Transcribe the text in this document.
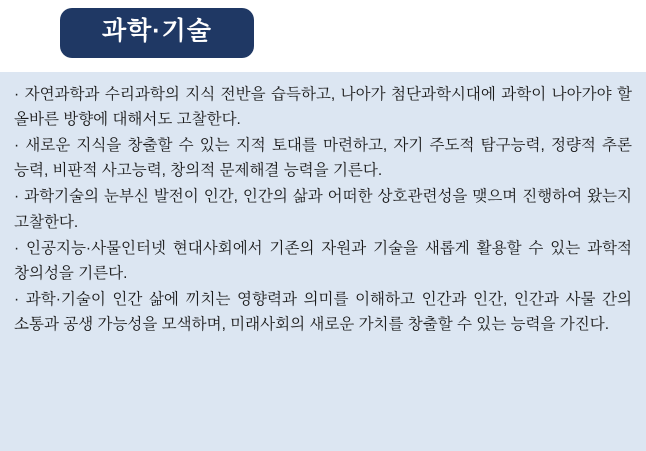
과학·기술

· 자연과학과 수리과학의 지식 전반을 습득하고, 나아가 첨단과학시대에 과학이 나아가야 할 올바른 방향에 대해서도 고찰한다.

· 새로운 지식을 창출할 수 있는 지적 토대를 마련하고, 자기 주도적 탐구능력, 정량적 추론 능력, 비판적 사고능력, 창의적 문제해결 능력을 기른다.

· 과학기술의 눈부신 발전이 인간, 인간의 삶과 어떠한 상호관련성을 맺으며 진행하여 왔는지 고찰한다.

· 인공지능·사물인터넷 현대사회에서 기존의 자원과 기술을 새롭게 활용할 수 있는 과학적 창의성을 기른다.

· 과학·기술이 인간 삶에 끼치는 영향력과 의미를 이해하고 인간과 인간, 인간과 사물 간의 소통과 공생 가능성을 모색하며, 미래사회의 새로운 가치를 창출할 수 있는 능력을 가진다.
